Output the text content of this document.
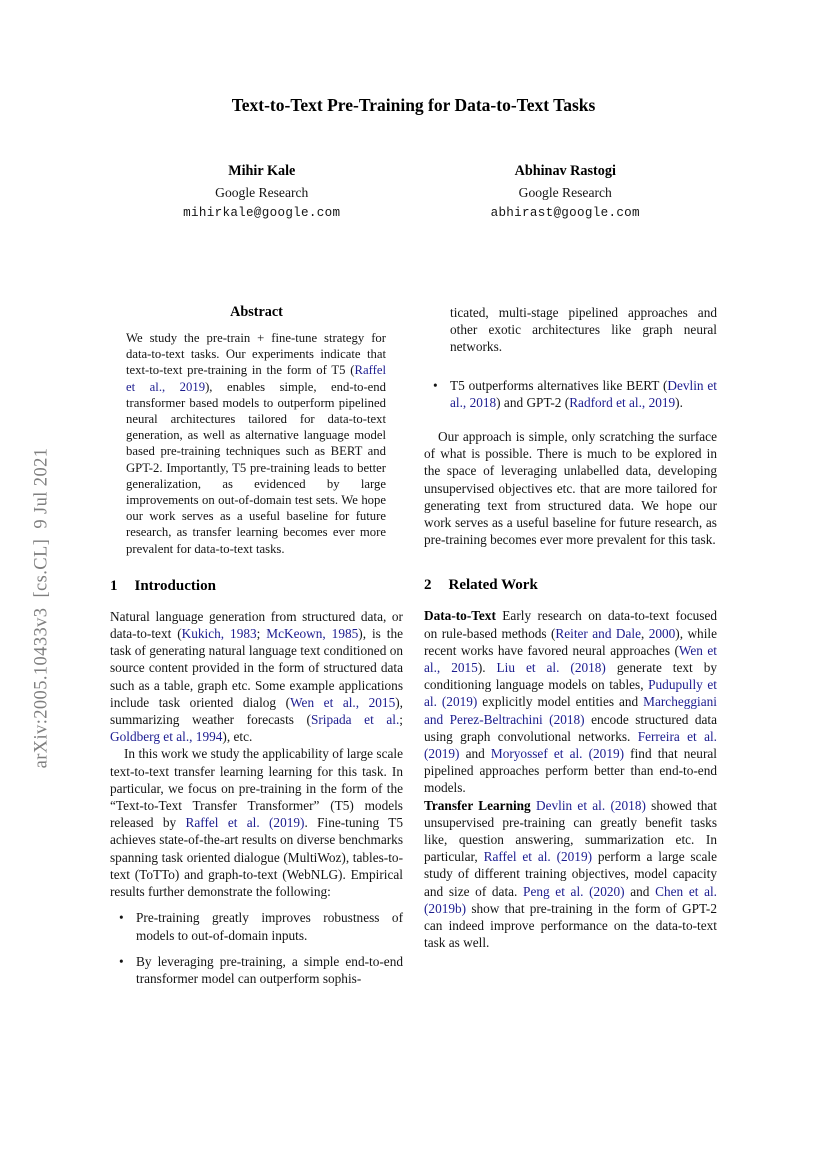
arXiv:2005.10433v3  [cs.CL]  9 Jul 2021
Text-to-Text Pre-Training for Data-to-Text Tasks
Mihir Kale
Google Research
mihirkale@google.com
Abhinav Rastogi
Google Research
abhirast@google.com
Abstract

We study the pre-train + fine-tune strategy for data-to-text tasks. Our experiments indicate that text-to-text pre-training in the form of T5 (Raffel et al., 2019), enables simple, end-to-end transformer based models to outperform pipelined neural architectures tailored for data-to-text generation, as well as alternative language model based pre-training techniques such as BERT and GPT-2. Importantly, T5 pre-training leads to better generalization, as evidenced by large improvements on out-of-domain test sets. We hope our work serves as a useful baseline for future research, as transfer learning becomes ever more prevalent for data-to-text tasks.

1 Introduction

Natural language generation from structured data, or data-to-text (Kukich, 1983; McKeown, 1985), is the task of generating natural language text conditioned on source content provided in the form of structured data such as a table, graph etc. Some example applications include task oriented dialog (Wen et al., 2015), summarizing weather forecasts (Sripada et al.; Goldberg et al., 1994), etc.

In this work we study the applicability of large scale text-to-text transfer learning learning for this task. In particular, we focus on pre-training in the form of the “Text-to-Text Transfer Transformer” (T5) models released by Raffel et al. (2019). Fine-tuning T5 achieves state-of-the-art results on diverse benchmarks spanning task oriented dialogue (MultiWoz), tables-to-text (ToTTo) and graph-to-text (WebNLG). Empirical results further demonstrate the following:

• Pre-training greatly improves robustness of models to out-of-domain inputs.
• By leveraging pre-training, a simple end-to-end transformer model can outperform sophis-
ticated, multi-stage pipelined approaches and other exotic architectures like graph neural networks.
• T5 outperforms alternatives like BERT (Devlin et al., 2018) and GPT-2 (Radford et al., 2019).

Our approach is simple, only scratching the surface of what is possible. There is much to be explored in the space of leveraging unlabelled data, developing unsupervised objectives etc. that are more tailored for generating text from structured data. We hope our work serves as a useful baseline for future research, as pre-training becomes ever more prevalent for this task.

2 Related Work

Data-to-Text Early research on data-to-text focused on rule-based methods (Reiter and Dale, 2000), while recent works have favored neural approaches (Wen et al., 2015). Liu et al. (2018) generate text by conditioning language models on tables, Pudupully et al. (2019) explicitly model entities and Marcheggiani and Perez-Beltrachini (2018) encode structured data using graph convolutional networks. Ferreira et al. (2019) and Moryossef et al. (2019) find that neural pipelined approaches perform better than end-to-end models.

Transfer Learning Devlin et al. (2018) showed that unsupervised pre-training can greatly benefit tasks like, question answering, summarization etc. In particular, Raffel et al. (2019) perform a large scale study of different training objectives, model capacity and size of data. Peng et al. (2020) and Chen et al. (2019b) show that pre-training in the form of GPT-2 can indeed improve performance on the data-to-text task as well.
